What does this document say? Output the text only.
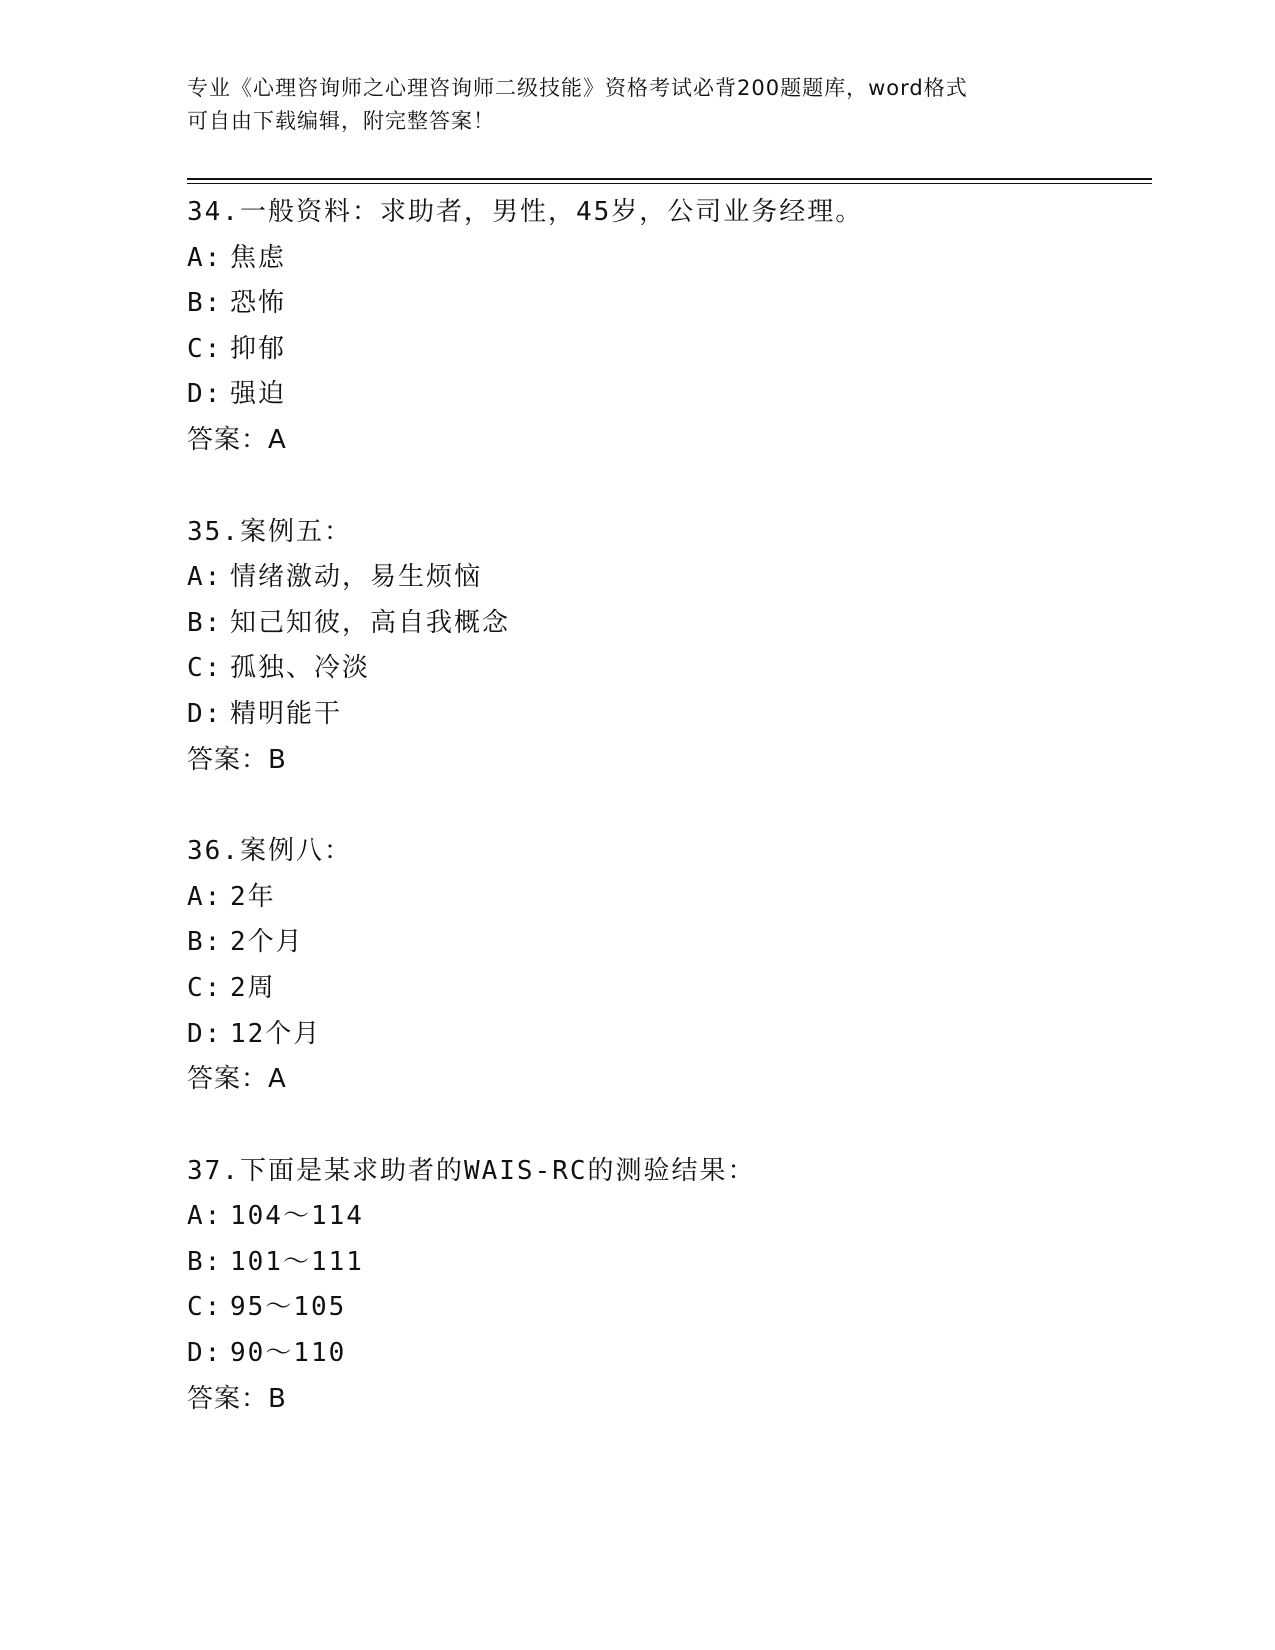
专业《心理咨询师之心理咨询师二级技能》资格考试必背200题题库，word格式
可自由下载编辑，附完整答案！
34.一般资料：求助者，男性，45岁，公司业务经理。
A: 焦虑
B: 恐怖
C: 抑郁
D: 强迫
答案：A
35.案例五：
A: 情绪激动，易生烦恼
B: 知己知彼，高自我概念
C: 孤独、冷淡
D: 精明能干
答案：B
36.案例八：
A: 2年
B: 2个月
C: 2周
D: 12个月
答案：A
37.下面是某求助者的WAIS-RC的测验结果：
A: 104～114
B: 101～111
C: 95～105
D: 90～110
答案：B
